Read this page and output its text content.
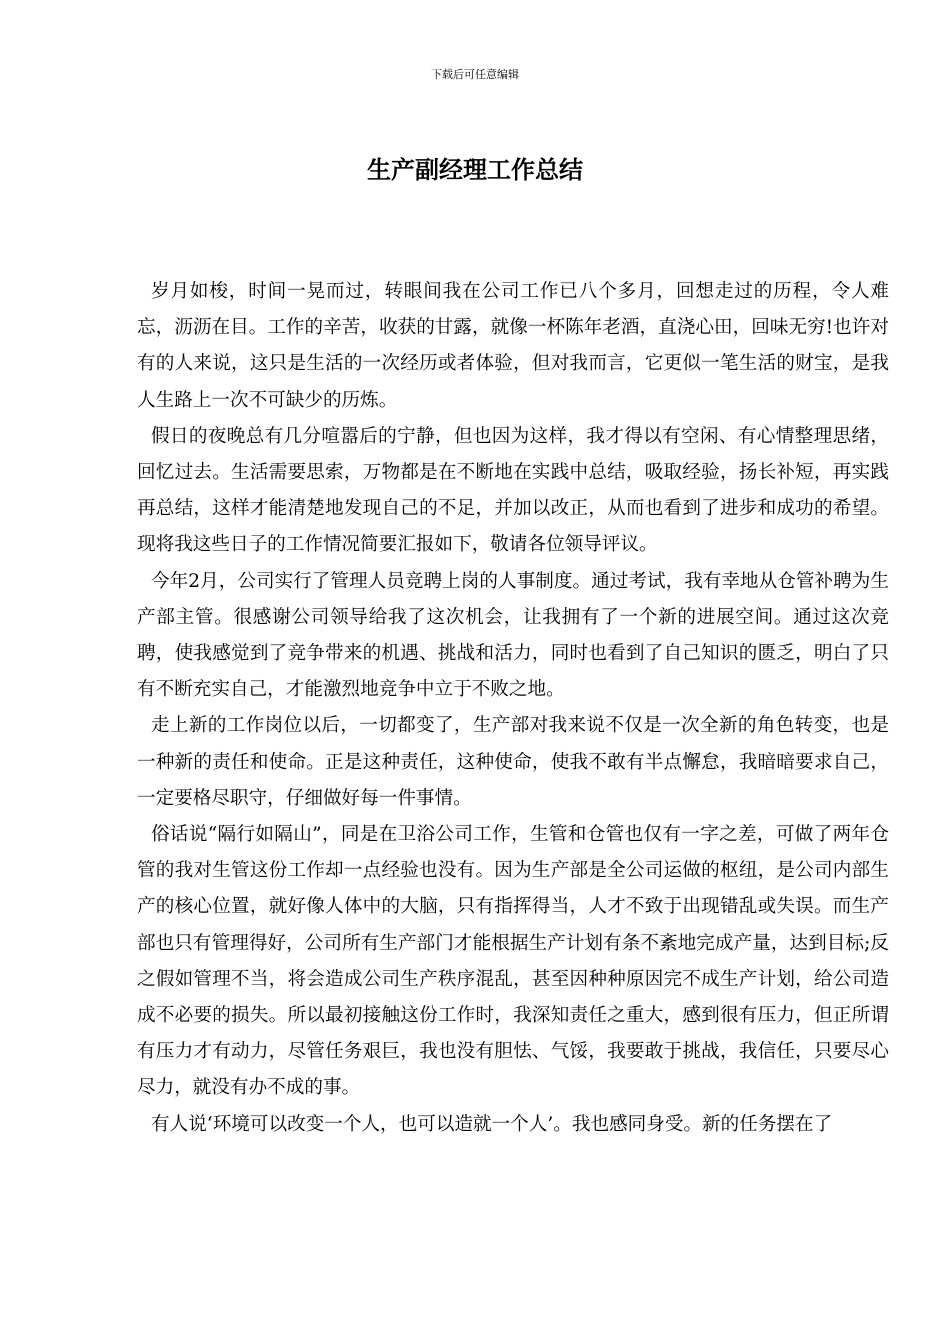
下载后可任意编辑
生产副经理工作总结

岁月如梭，时间一晃而过，转眼间我在公司工作已八个多月，回想走过的历程，令人难忘，沥沥在目。工作的辛苦，收获的甘露，就像一杯陈年老酒，直浇心田，回味无穷!也许对有的人来说，这只是生活的一次经历或者体验，但对我而言，它更似一笔生活的财宝，是我人生路上一次不可缺少的历炼。

假日的夜晚总有几分喧嚣后的宁静，但也因为这样，我才得以有空闲、有心情整理思绪，回忆过去。生活需要思索，万物都是在不断地在实践中总结，吸取经验，扬长补短，再实践再总结，这样才能清楚地发现自己的不足，并加以改正，从而也看到了进步和成功的希望。现将我这些日子的工作情况简要汇报如下，敬请各位领导评议。

今年2月，公司实行了管理人员竞聘上岗的人事制度。通过考试，我有幸地从仓管补聘为生产部主管。很感谢公司领导给我了这次机会，让我拥有了一个新的进展空间。通过这次竞聘，使我感觉到了竞争带来的机遇、挑战和活力，同时也看到了自己知识的匮乏，明白了只有不断充实自己，才能激烈地竞争中立于不败之地。

走上新的工作岗位以后，一切都变了，生产部对我来说不仅是一次全新的角色转变，也是一种新的责任和使命。正是这种责任，这种使命，使我不敢有半点懈怠，我暗暗要求自己，一定要格尽职守，仔细做好每一件事情。

俗话说“隔行如隔山”，同是在卫浴公司工作，生管和仓管也仅有一字之差，可做了两年仓管的我对生管这份工作却一点经验也没有。因为生产部是全公司运做的枢纽，是公司内部生产的核心位置，就好像人体中的大脑，只有指挥得当，人才不致于出现错乱或失误。而生产部也只有管理得好，公司所有生产部门才能根据生产计划有条不紊地完成产量，达到目标;反之假如管理不当，将会造成公司生产秩序混乱，甚至因种种原因完不成生产计划，给公司造成不必要的损失。所以最初接触这份工作时，我深知责任之重大，感到很有压力，但正所谓有压力才有动力，尽管任务艰巨，我也没有胆怯、气馁，我要敢于挑战，我信任，只要尽心尽力，就没有办不成的事。

有人说‘环境可以改变一个人，也可以造就一个人’。我也感同身受。新的任务摆在了
